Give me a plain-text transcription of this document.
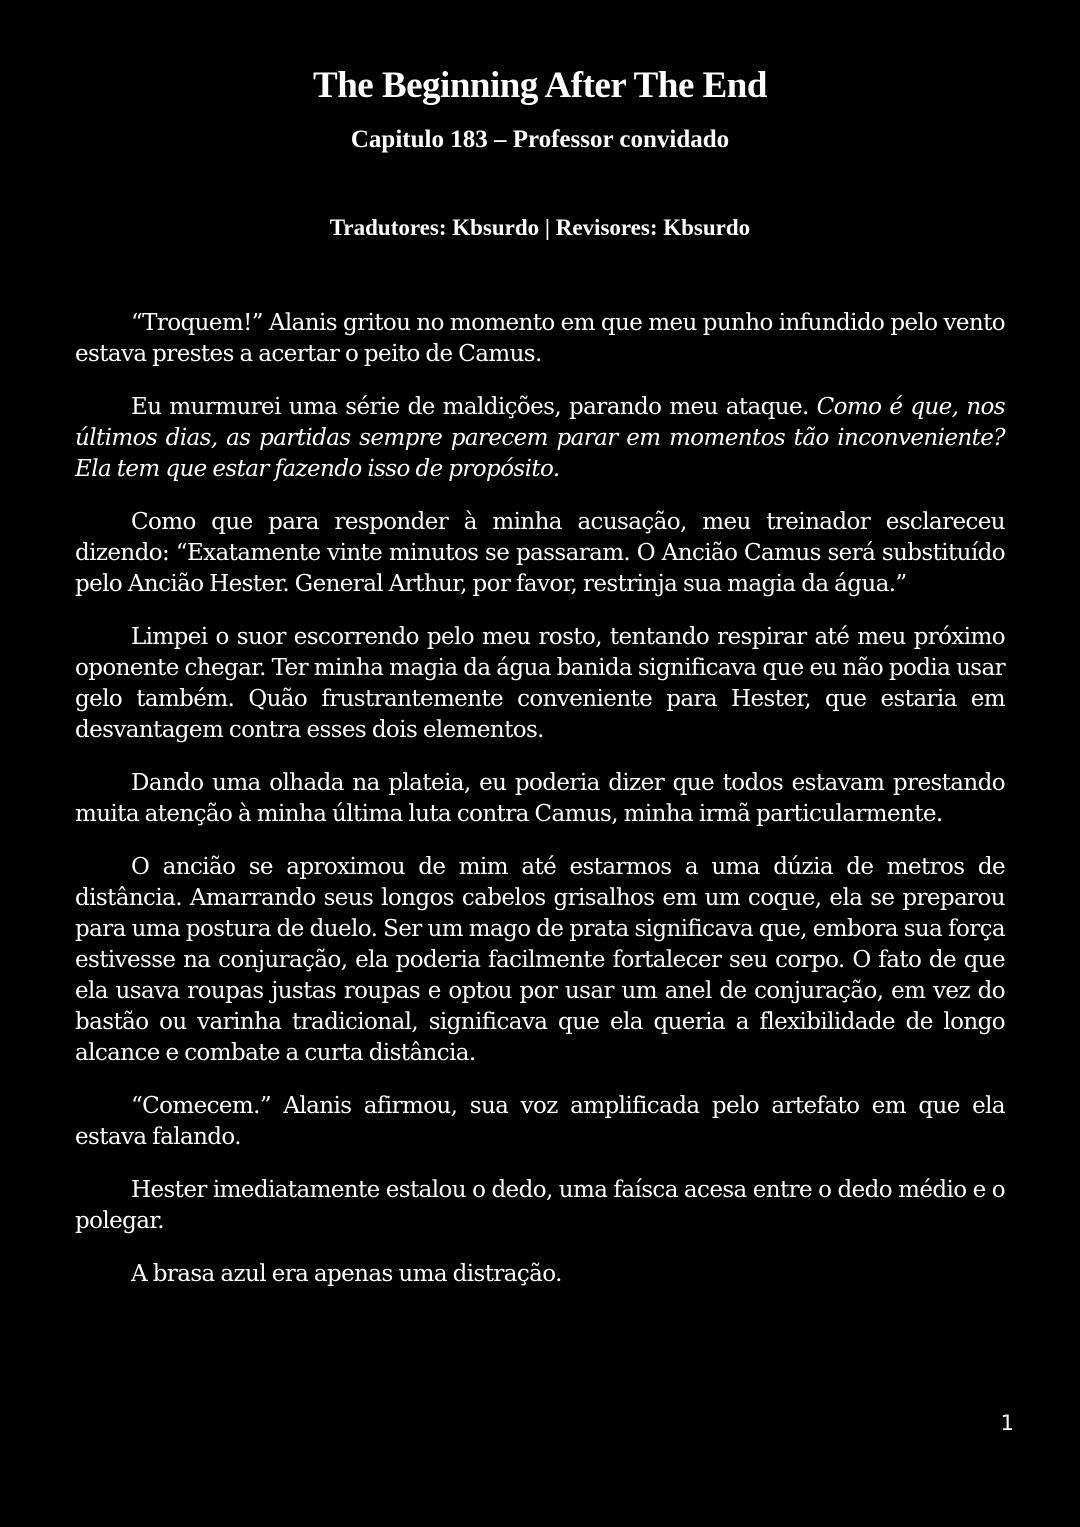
The Beginning After The End
Capitulo 183 – Professor convidado
Tradutores: Kbsurdo | Revisores: Kbsurdo

“Troquem!” Alanis gritou no momento em que meu punho infundido pelo vento estava prestes a acertar o peito de Camus.

Eu murmurei uma série de maldições, parando meu ataque. Como é que, nos últimos dias, as partidas sempre parecem parar em momentos tão inconveniente? Ela tem que estar fazendo isso de propósito.

Como que para responder à minha acusação, meu treinador esclareceu dizendo: “Exatamente vinte minutos se passaram. O Ancião Camus será substituído pelo Ancião Hester. General Arthur, por favor, restrinja sua magia da água.”

Limpei o suor escorrendo pelo meu rosto, tentando respirar até meu próximo oponente chegar. Ter minha magia da água banida significava que eu não podia usar gelo também. Quão frustrantemente conveniente para Hester, que estaria em desvantagem contra esses dois elementos.

Dando uma olhada na plateia, eu poderia dizer que todos estavam prestando muita atenção à minha última luta contra Camus, minha irmã particularmente.

O ancião se aproximou de mim até estarmos a uma dúzia de metros de distância. Amarrando seus longos cabelos grisalhos em um coque, ela se preparou para uma postura de duelo. Ser um mago de prata significava que, embora sua força estivesse na conjuração, ela poderia facilmente fortalecer seu corpo. O fato de que ela usava roupas justas roupas e optou por usar um anel de conjuração, em vez do bastão ou varinha tradicional, significava que ela queria a flexibilidade de longo alcance e combate a curta distância.

“Comecem.” Alanis afirmou, sua voz amplificada pelo artefato em que ela estava falando.

Hester imediatamente estalou o dedo, uma faísca acesa entre o dedo médio e o polegar.

A brasa azul era apenas uma distração.

1
